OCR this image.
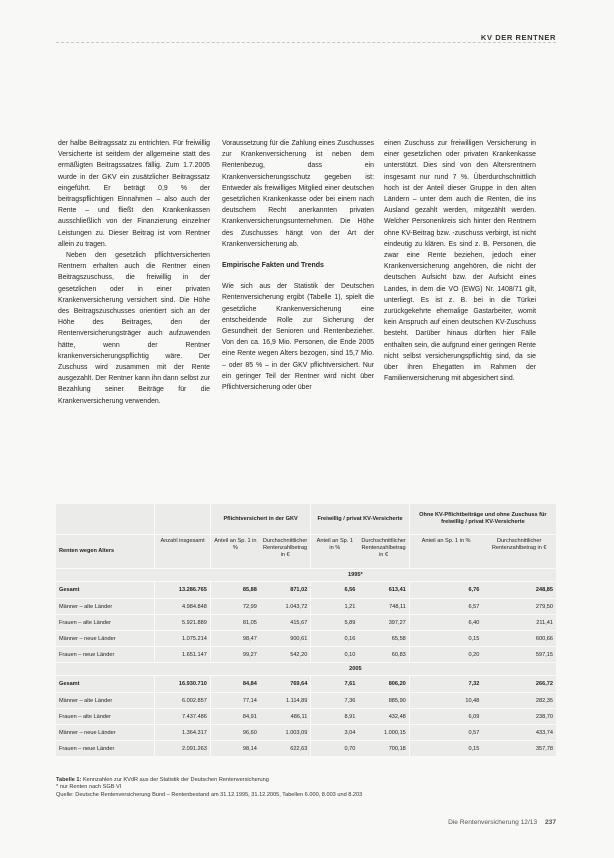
KV DER RENTNER

der halbe Beitragssatz zu entrichten. Für freiwillig Versicherte ist seitdem der allgemeine statt des ermäßigten Beitragssatzes fällig. Zum 1.7.2005 wurde in der GKV ein zusätzlicher Beitragssatz eingeführt. Er beträgt 0,9 % der beitragspflichtigen Einnahmen – also auch der Rente – und fließt den Krankenkassen ausschließlich von der Finanzierung einzelner Leistungen zu. Dieser Beitrag ist vom Rentner allein zu tragen.

Neben den gesetzlich pflichtversicherten Rentnern erhalten auch die Rentner einen Beitragszuschuss, die freiwillig in der gesetzlichen oder in einer privaten Krankenversicherung versichert sind. Die Höhe des Beitragszuschusses orientiert sich an der Höhe des Beitrages, den der Rentenversicherungsträger auch aufzuwenden hätte, wenn der Rentner krankenversicherungspflichtig wäre. Der Zuschuss wird zusammen mit der Rente ausgezahlt. Der Rentner kann ihn dann selbst zur Bezahlung seiner Beiträge für die Krankenversicherung verwenden.

Voraussetzung für die Zahlung eines Zuschusses zur Krankenversicherung ist neben dem Rentenbezug, dass ein Krankenversicherungsschutz gegeben ist: Entweder als freiwilliges Mitglied einer deutschen gesetzlichen Krankenkasse oder bei einem nach deutschem Recht anerkannten privaten Krankenversicherungsunternehmen. Die Höhe des Zuschusses hängt von der Art der Krankenversicherung ab.

Empirische Fakten und Trends

Wie sich aus der Statistik der Deutschen Rentenversicherung ergibt (Tabelle 1), spielt die gesetzliche Krankenversicherung eine entscheidende Rolle zur Sicherung der Gesundheit der Senioren und Rentenbezieher. Von den ca. 16,9 Mio. Personen, die Ende 2005 eine Rente wegen Alters bezogen, sind 15,7 Mio. – oder 85 % – in der GKV pflichtversichert. Nur ein geringer Teil der Rentner wird nicht über Pflichtversicherung oder über

einen Zuschuss zur freiwilligen Versicherung in einer gesetzlichen oder privaten Krankenkasse unterstützt. Dies sind von den Altersrentnern insgesamt nur rund 7 %. Überdurchschnittlich hoch ist der Anteil dieser Gruppe in den alten Ländern – unter dem auch die Renten, die ins Ausland gezahlt werden, mitgezählt werden. Welcher Personenkreis sich hinter den Rentnern ohne KV-Beitrag bzw. -zuschuss verbirgt, ist nicht eindeutig zu klären. Es sind z. B. Personen, die zwar eine Rente beziehen, jedoch einer Krankenversicherung angehören, die nicht der deutschen Aufsicht bzw. der Aufsicht eines Landes, in dem die VO (EWG) Nr. 1408/71 gilt, unterliegt. Es ist z. B. bei in die Türkei zurückgekehrte ehemalige Gastarbeiter, womit kein Anspruch auf einen deutschen KV-Zuschuss besteht. Darüber hinaus dürften hier Fälle enthalten sein, die aufgrund einer geringen Rente nicht selbst versicherungspflichtig sind, da sie über ihren Ehegatten im Rahmen der Familienversicherung mit abgesichert sind.

		Pflichtversichert in der GKV		Freiwillig / privat KV-Versicherte		Ohne KV-Pflichtbeiträge und ohne Zuschuss für freiwillig / privat KV-Versicherte	
Renten wegen Alters	Anzahl insgesamt	Anteil an Sp. 1 in %	Durchschnittlicher Rentenzahlbetrag in €	Anteil an Sp. 1 in %	Durchschnittlicher Rentenzahlbetrag in €	Anteil an Sp. 1 in %	Durchschnittlicher Rentenzahlbetrag in €
	1995*						
Gesamt	13.286.765	85,88	871,02	6,56	613,41	6,76	248,85
Männer – alte Länder	4.984.848	72,99	1.043,72	1,21	748,11	6,57	279,50
Frauen – alte Länder	5.921.889	81,05	415,67	5,89	397,27	6,40	211,41
Männer – neue Länder	1.075.214	98,47	900,61	0,16	65,58	0,15	600,66
Frauen – neue Länder	1.651.147	99,27	542,20	0,10	60,83	0,20	597,15
	2005						
Gesamt	16.930.710	84,84	769,64	7,61	806,20	7,32	266,72
Männer – alte Länder	6.002.857	77,14	1.114,89	7,36	885,90	10,48	282,35
Frauen – alte Länder	7.437.486	84,91	486,11	8,91	432,48	6,09	238,70
Männer – neue Länder	1.364.317	96,60	1.003,09	3,04	1.000,15	0,57	433,74
Frauen – neue Länder	2.091.263	98,14	622,63	0,70	700,18	0,15	357,78
Tabelle 1: Kennzahlen zur KVdR aus der Statistik der Deutschen Rentenversicherung
* nur Renten nach SGB VI
Quelle: Deutsche Rentenversicherung Bund – Rentenbestand am 31.12.1995, 31.12.2005, Tabellen 6.000, 8.003 und 8.203
Die Rentenversicherung 12/13 237
